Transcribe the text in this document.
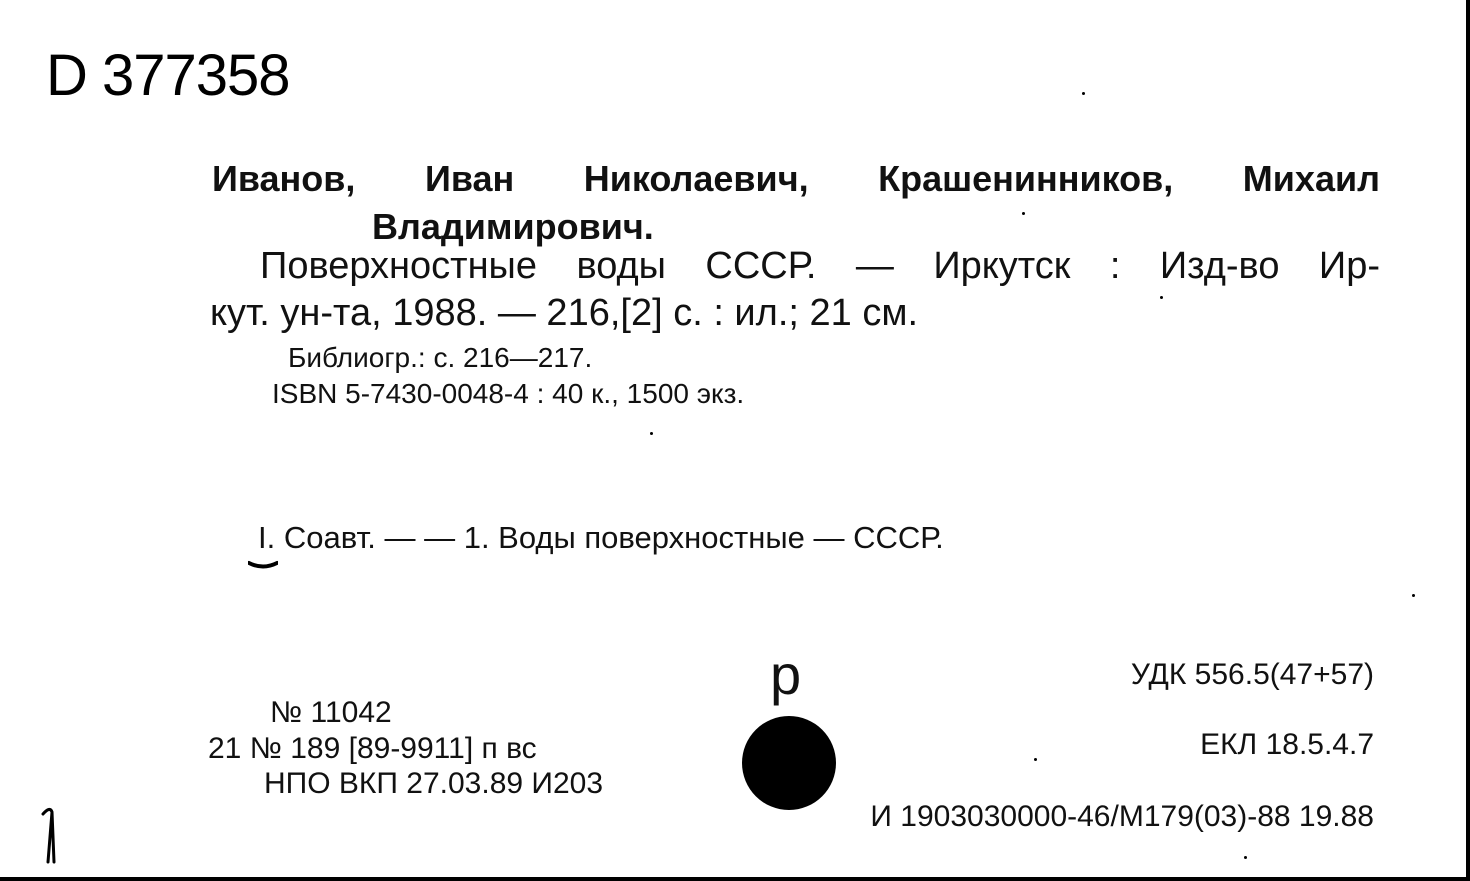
D 377358
Иванов, Иван Николаевич, Крашенинников, Михаил
Владимирович.
Поверхностные воды СССР. — Иркутск : Изд-во Ир-
кут. ун-та, 1988. — 216,[2] с. : ил.; 21 см.
Библиогр.: с. 216—217.
ISBN 5-7430-0048-4 : 40 к., 1500 экз.
I. Соавт. — — 1. Воды поверхностные — СССР.
УДК 556.5(47+57)
ЕКЛ 18.5.4.7
И 1903030000-46/М179(03)-88 19.88
№ 11042
21 № 189 [89-9911] п вс
НПО ВКП 27.03.89 И203
р
